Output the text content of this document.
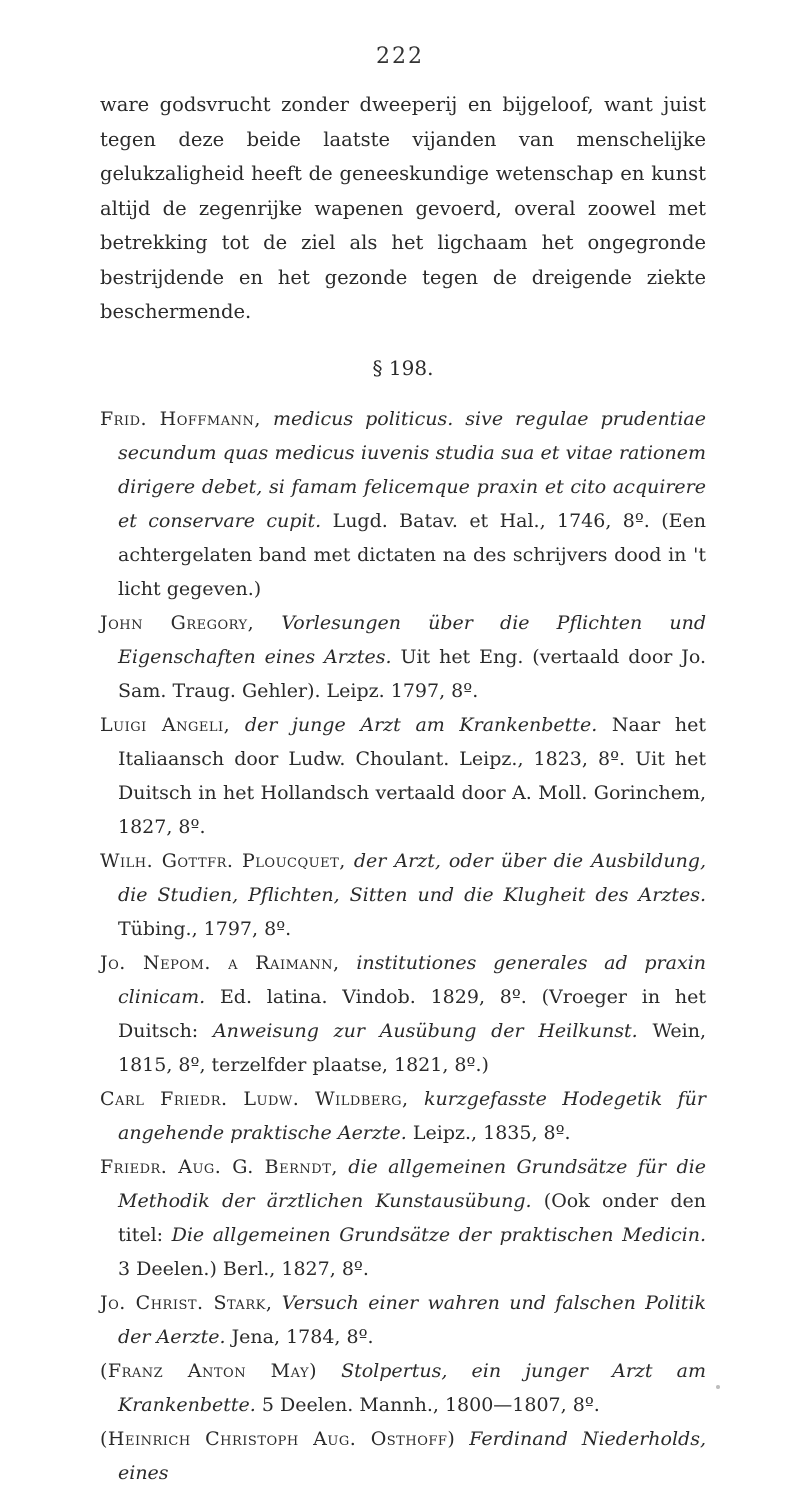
222

ware godsvrucht zonder dweeperij en bijgeloof, want juist tegen deze beide laatste vijanden van menschelijke gelukzaligheid heeft de geneeskundige wetenschap en kunst altijd de zegenrijke wapenen gevoerd, overal zoowel met betrekking tot de ziel als het ligchaam het ongegronde bestrijdende en het gezonde tegen de dreigende ziekte beschermende.

§ 198.

Frid. Hoffmann, medicus politicus. sive regulae prudentiae secundum quas medicus iuvenis studia sua et vitae rationem dirigere debet, si famam felicemque praxin et cito acquirere et conservare cupit. Lugd. Batav. et Hal., 1746, 8º. (Een achtergelaten band met dictaten na des schrijvers dood in 't licht gegeven.)

John Gregory, Vorlesungen über die Pflichten und Eigenschaften eines Arztes. Uit het Eng. (vertaald door Jo. Sam. Traug. Gehler). Leipz. 1797, 8º.

Luigi Angeli, der junge Arzt am Krankenbette. Naar het Italiaansch door Ludw. Choulant. Leipz., 1823, 8º. Uit het Duitsch in het Hollandsch vertaald door A. Moll. Gorinchem, 1827, 8º.

Wilh. Gottfr. Ploucquet, der Arzt, oder über die Ausbildung, die Studien, Pflichten, Sitten und die Klugheit des Arztes. Tübing., 1797, 8º.

Jo. Nepom. a Raimann, institutiones generales ad praxin clinicam. Ed. latina. Vindob. 1829, 8º. (Vroeger in het Duitsch: Anweisung zur Ausübung der Heilkunst. Wein, 1815, 8º, terzelfder plaatse, 1821, 8º.)

Carl Friedr. Ludw. Wildberg, kurzgefasste Hodegetik für angehende praktische Aerzte. Leipz., 1835, 8º.

Friedr. Aug. G. Berndt, die allgemeinen Grundsätze für die Methodik der ärztlichen Kunstausübung. (Ook onder den titel: Die allgemeinen Grundsätze der praktischen Medicin. 3 Deelen.) Berl., 1827, 8º.

Jo. Christ. Stark, Versuch einer wahren und falschen Politik der Aerzte. Jena, 1784, 8º.

(Franz Anton May) Stolpertus, ein junger Arzt am Krankenbette. 5 Deelen. Mannh., 1800—1807, 8º.

(Heinrich Christoph Aug. Osthoff) Ferdinand Niederholds, eines
